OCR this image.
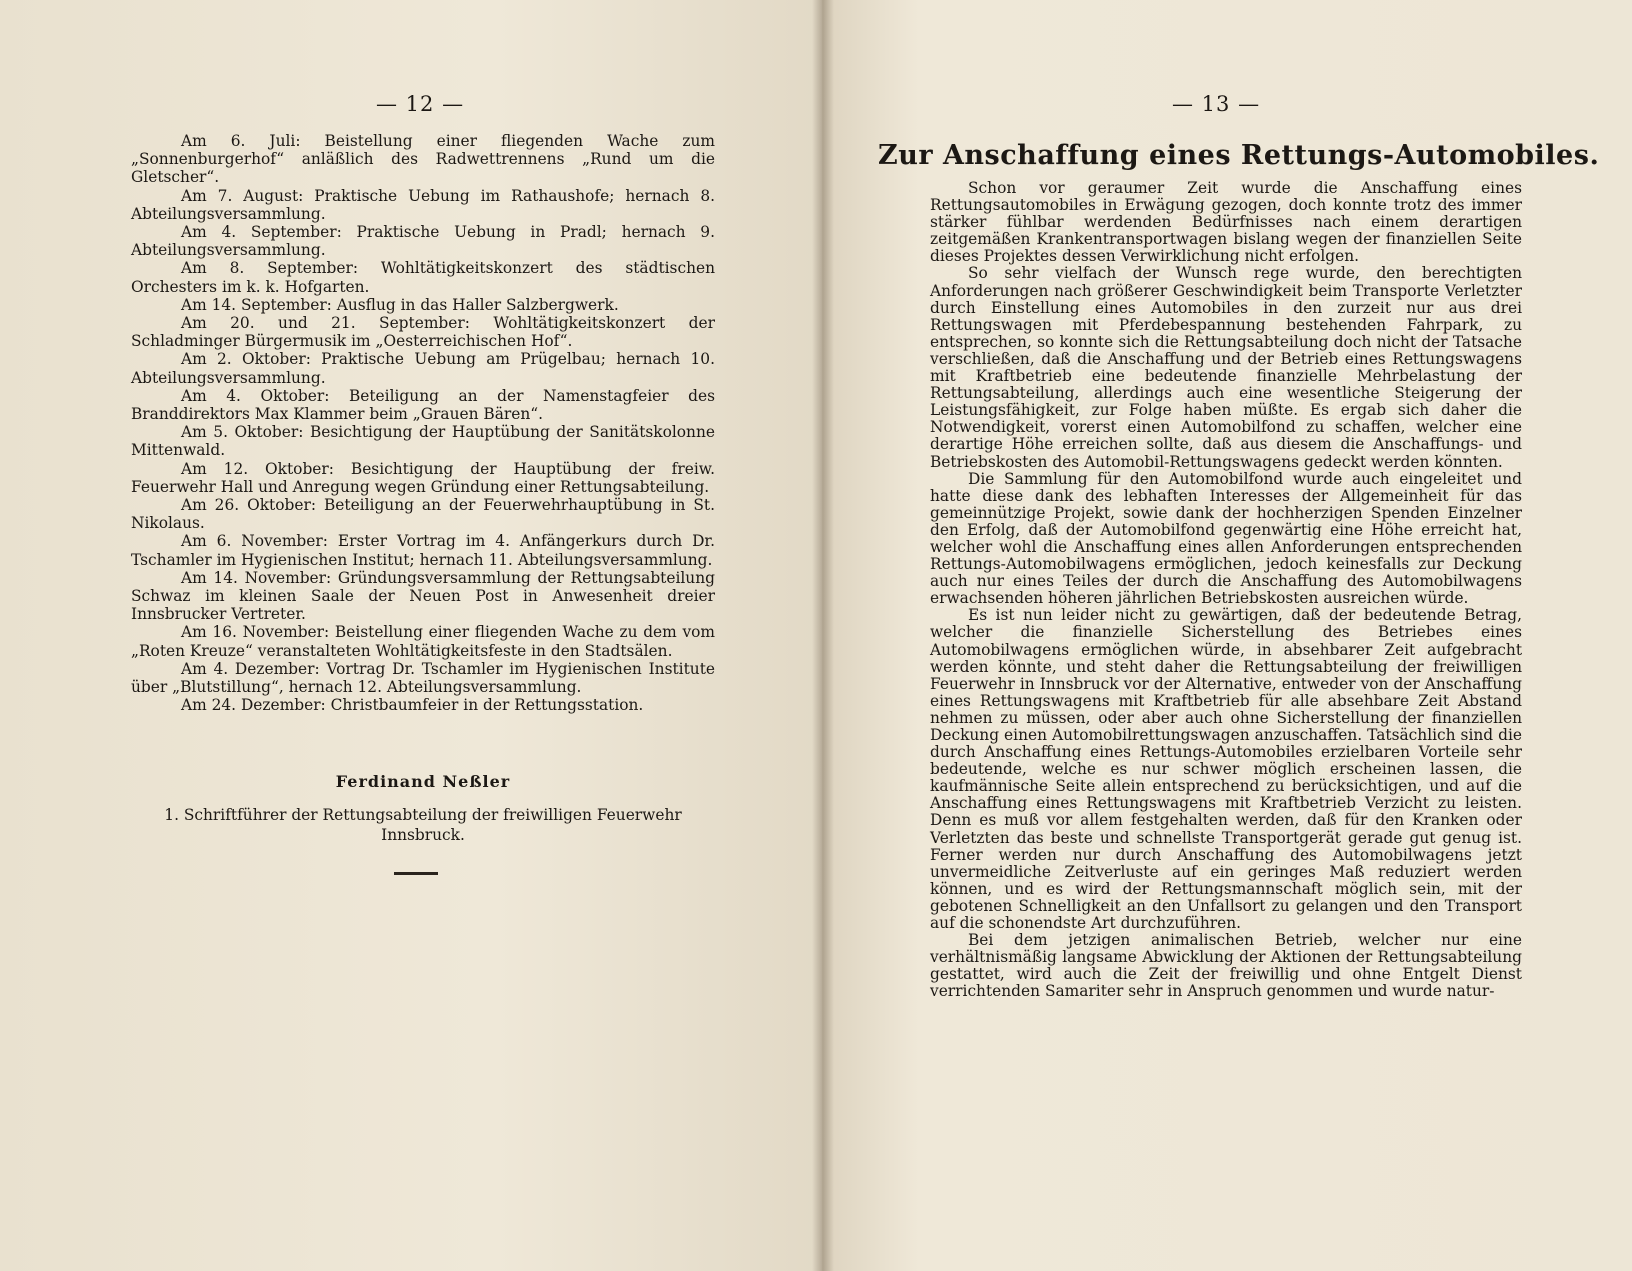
— 12 —
Am 6. Juli: Beistellung einer fliegenden Wache zum „Sonnenburgerhof“ anläßlich des Radwettrennens „Rund um die Gletscher“.
Am 7. August: Praktische Uebung im Rathaushofe; hernach 8. Abteilungsversammlung.
Am 4. September: Praktische Uebung in Pradl; hernach 9. Abteilungsversammlung.
Am 8. September: Wohltätigkeitskonzert des städtischen Orchesters im k. k. Hofgarten.
Am 14. September: Ausflug in das Haller Salzbergwerk.
Am 20. und 21. September: Wohltätigkeitskonzert der Schladminger Bürgermusik im „Oesterreichischen Hof“.
Am 2. Oktober: Praktische Uebung am Prügelbau; hernach 10. Abteilungsversammlung.
Am 4. Oktober: Beteiligung an der Namenstagfeier des Branddirektors Max Klammer beim „Grauen Bären“.
Am 5. Oktober: Besichtigung der Hauptübung der Sanitätskolonne Mittenwald.
Am 12. Oktober: Besichtigung der Hauptübung der freiw. Feuerwehr Hall und Anregung wegen Gründung einer Rettungsabteilung.
Am 26. Oktober: Beteiligung an der Feuerwehrhauptübung in St. Nikolaus.
Am 6. November: Erster Vortrag im 4. Anfängerkurs durch Dr. Tschamler im Hygienischen Institut; hernach 11. Abteilungsversammlung.
Am 14. November: Gründungsversammlung der Rettungsabteilung Schwaz im kleinen Saale der Neuen Post in Anwesenheit dreier Innsbrucker Vertreter.
Am 16. November: Beistellung einer fliegenden Wache zu dem vom „Roten Kreuze“ veranstalteten Wohltätigkeitsfeste in den Stadtsälen.
Am 4. Dezember: Vortrag Dr. Tschamler im Hygienischen Institute über „Blutstillung“, hernach 12. Abteilungsversammlung.
Am 24. Dezember: Christbaumfeier in der Rettungsstation.
Ferdinand Neßler
1. Schriftführer der Rettungsabteilung der freiwilligen Feuerwehr Innsbruck.
— 13 —
Zur Anschaffung eines Rettungs-Automobiles.

Schon vor geraumer Zeit wurde die Anschaffung eines Rettungsautomobiles in Erwägung gezogen, doch konnte trotz des immer stärker fühlbar werdenden Bedürfnisses nach einem derartigen zeitgemäßen Krankentransportwagen bislang wegen der finanziellen Seite dieses Projektes dessen Verwirklichung nicht erfolgen.

So sehr vielfach der Wunsch rege wurde, den berechtigten Anforderungen nach größerer Geschwindigkeit beim Transporte Verletzter durch Einstellung eines Automobiles in den zurzeit nur aus drei Rettungswagen mit Pferdebespannung bestehenden Fahrpark, zu entsprechen, so konnte sich die Rettungsabteilung doch nicht der Tatsache verschließen, daß die Anschaffung und der Betrieb eines Rettungswagens mit Kraftbetrieb eine bedeutende finanzielle Mehrbelastung der Rettungsabteilung, allerdings auch eine wesentliche Steigerung der Leistungsfähigkeit, zur Folge haben müßte. Es ergab sich daher die Notwendigkeit, vorerst einen Automobilfond zu schaffen, welcher eine derartige Höhe erreichen sollte, daß aus diesem die Anschaffungs- und Betriebskosten des Automobil-Rettungswagens gedeckt werden könnten.

Die Sammlung für den Automobilfond wurde auch eingeleitet und hatte diese dank des lebhaften Interesses der Allgemeinheit für das gemeinnützige Projekt, sowie dank der hochherzigen Spenden Einzelner den Erfolg, daß der Automobilfond gegenwärtig eine Höhe erreicht hat, welcher wohl die Anschaffung eines allen Anforderungen entsprechenden Rettungs-Automobilwagens ermöglichen, jedoch keinesfalls zur Deckung auch nur eines Teiles der durch die Anschaffung des Automobilwagens erwachsenden höheren jährlichen Betriebskosten ausreichen würde.

Es ist nun leider nicht zu gewärtigen, daß der bedeutende Betrag, welcher die finanzielle Sicherstellung des Betriebes eines Automobilwagens ermöglichen würde, in absehbarer Zeit aufgebracht werden könnte, und steht daher die Rettungsabteilung der freiwilligen Feuerwehr in Innsbruck vor der Alternative, entweder von der Anschaffung eines Rettungswagens mit Kraftbetrieb für alle absehbare Zeit Abstand nehmen zu müssen, oder aber auch ohne Sicherstellung der finanziellen Deckung einen Automobilrettungswagen anzuschaffen. Tatsächlich sind die durch Anschaffung eines Rettungs-Automobiles erzielbaren Vorteile sehr bedeutende, welche es nur schwer möglich erscheinen lassen, die kaufmännische Seite allein entsprechend zu berücksichtigen, und auf die Anschaffung eines Rettungswagens mit Kraftbetrieb Verzicht zu leisten. Denn es muß vor allem festgehalten werden, daß für den Kranken oder Verletzten das beste und schnellste Transportgerät gerade gut genug ist. Ferner werden nur durch Anschaffung des Automobilwagens jetzt unvermeidliche Zeitverluste auf ein geringes Maß reduziert werden können, und es wird der Rettungsmannschaft möglich sein, mit der gebotenen Schnelligkeit an den Unfallsort zu gelangen und den Transport auf die schonendste Art durchzuführen.

Bei dem jetzigen animalischen Betrieb, welcher nur eine verhältnismäßig langsame Abwicklung der Aktionen der Rettungsabteilung gestattet, wird auch die Zeit der freiwillig und ohne Entgelt Dienst verrichtenden Samariter sehr in Anspruch genommen und wurde natur-
